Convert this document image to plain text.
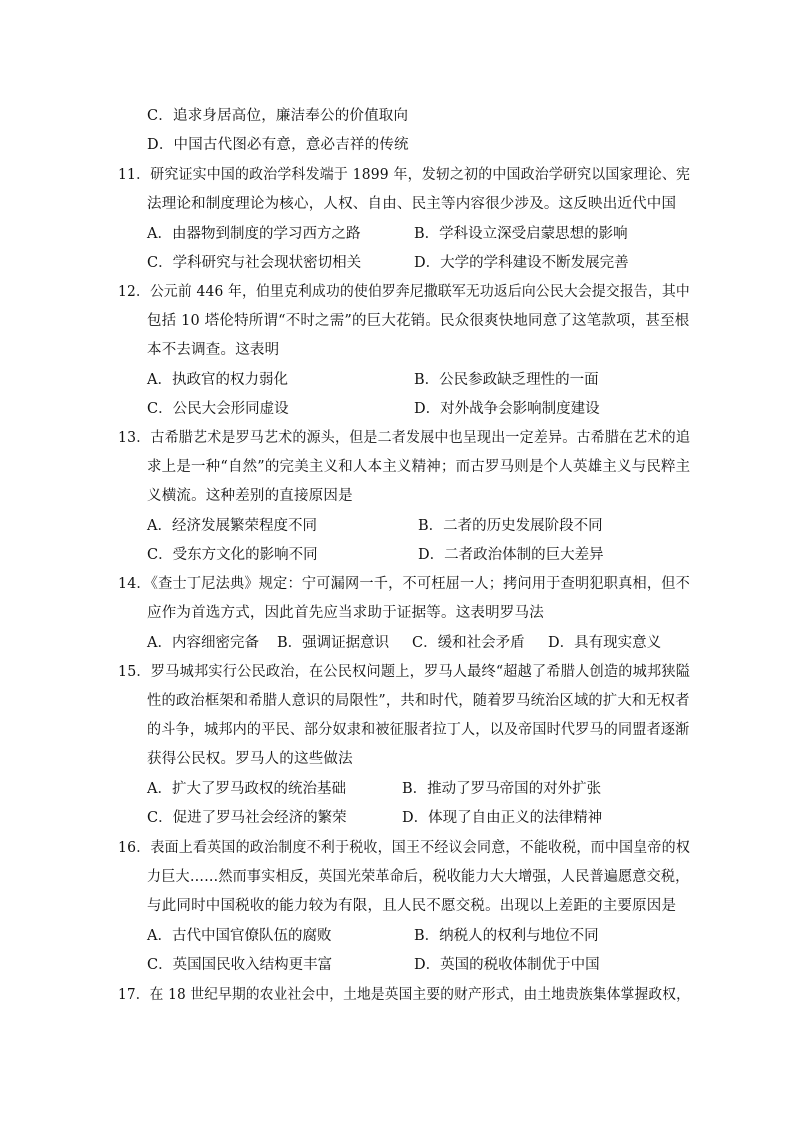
C．追求身居高位，廉洁奉公的价值取向
D．中国古代图必有意，意必吉祥的传统
11．研究证实中国的政治学科发端于 1899 年，发轫之初的中国政治学研究以国家理论、宪
法理论和制度理论为核心，人权、自由、民主等内容很少涉及。这反映出近代中国
A．由器物到制度的学习西方之路	B．学科设立深受启蒙思想的影响
C．学科研究与社会现状密切相关	D．大学的学科建设不断发展完善
12．公元前 446 年，伯里克利成功的使伯罗奔尼撒联军无功返后向公民大会提交报告，其中
包括 10 塔伦特所谓“不时之需”的巨大花销。民众很爽快地同意了这笔款项，甚至根
本不去调查。这表明
A．执政官的权力弱化	B．公民参政缺乏理性的一面
C．公民大会形同虚设	D．对外战争会影响制度建设
13．古希腊艺术是罗马艺术的源头，但是二者发展中也呈现出一定差异。古希腊在艺术的追
求上是一种“自然”的完美主义和人本主义精神；而古罗马则是个人英雄主义与民粹主
义横流。这种差别的直接原因是
A．经济发展繁荣程度不同	B．二者的历史发展阶段不同
C．受东方文化的影响不同	D．二者政治体制的巨大差异
14．《查士丁尼法典》规定：宁可漏网一千，不可枉屈一人；拷问用于查明犯职真相，但不
应作为首选方式，因此首先应当求助于证据等。这表明罗马法
A．内容细密完备 B．强调证据意识 C．缓和社会矛盾 D．具有现实意义
15．罗马城邦实行公民政治，在公民权问题上，罗马人最终“超越了希腊人创造的城邦狭隘
性的政治框架和希腊人意识的局限性”，共和时代，随着罗马统治区域的扩大和无权者
的斗争，城邦内的平民、部分奴隶和被征服者拉丁人，以及帝国时代罗马的同盟者逐渐
获得公民权。罗马人的这些做法
A．扩大了罗马政权的统治基础	B．推动了罗马帝国的对外扩张
C．促进了罗马社会经济的繁荣	D．体现了自由正义的法律精神
16．表面上看英国的政治制度不利于税收，国王不经议会同意，不能收税，而中国皇帝的权
力巨大……然而事实相反，英国光荣革命后，税收能力大大增强，人民普遍愿意交税，
与此同时中国税收的能力较为有限，且人民不愿交税。出现以上差距的主要原因是
A．古代中国官僚队伍的腐败	B．纳税人的权利与地位不同
C．英国国民收入结构更丰富	D．英国的税收体制优于中国
17．在 18 世纪早期的农业社会中，土地是英国主要的财产形式，由土地贵族集体掌握政权，
